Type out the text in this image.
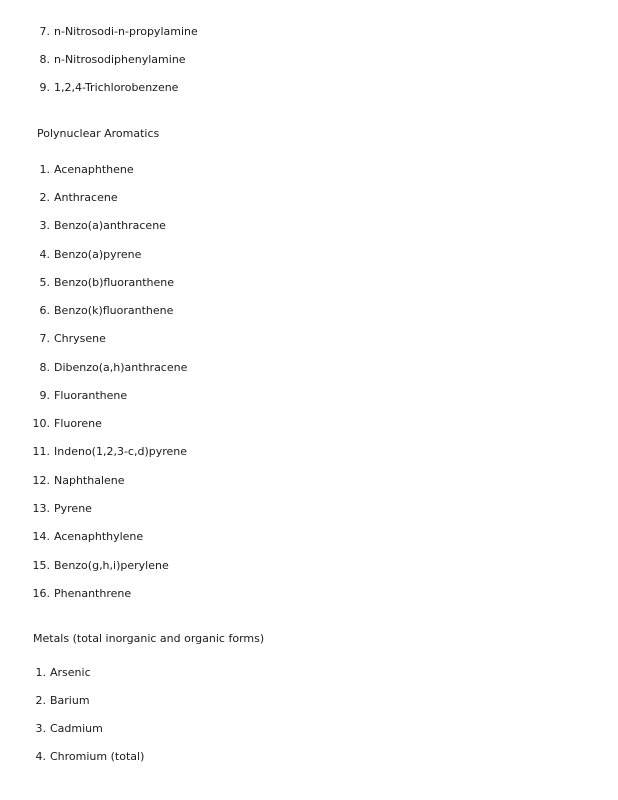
7. n-Nitrosodi-n-propylamine
8. n-Nitrosodiphenylamine
9. 1,2,4-Trichlorobenzene
Polynuclear Aromatics
1. Acenaphthene
2. Anthracene
3. Benzo(a)anthracene
4. Benzo(a)pyrene
5. Benzo(b)fluoranthene
6. Benzo(k)fluoranthene
7. Chrysene
8. Dibenzo(a,h)anthracene
9. Fluoranthene
10. Fluorene
11. Indeno(1,2,3-c,d)pyrene
12. Naphthalene
13. Pyrene
14. Acenaphthylene
15. Benzo(g,h,i)perylene
16. Phenanthrene
Metals (total inorganic and organic forms)
1. Arsenic
2. Barium
3. Cadmium
4. Chromium (total)
